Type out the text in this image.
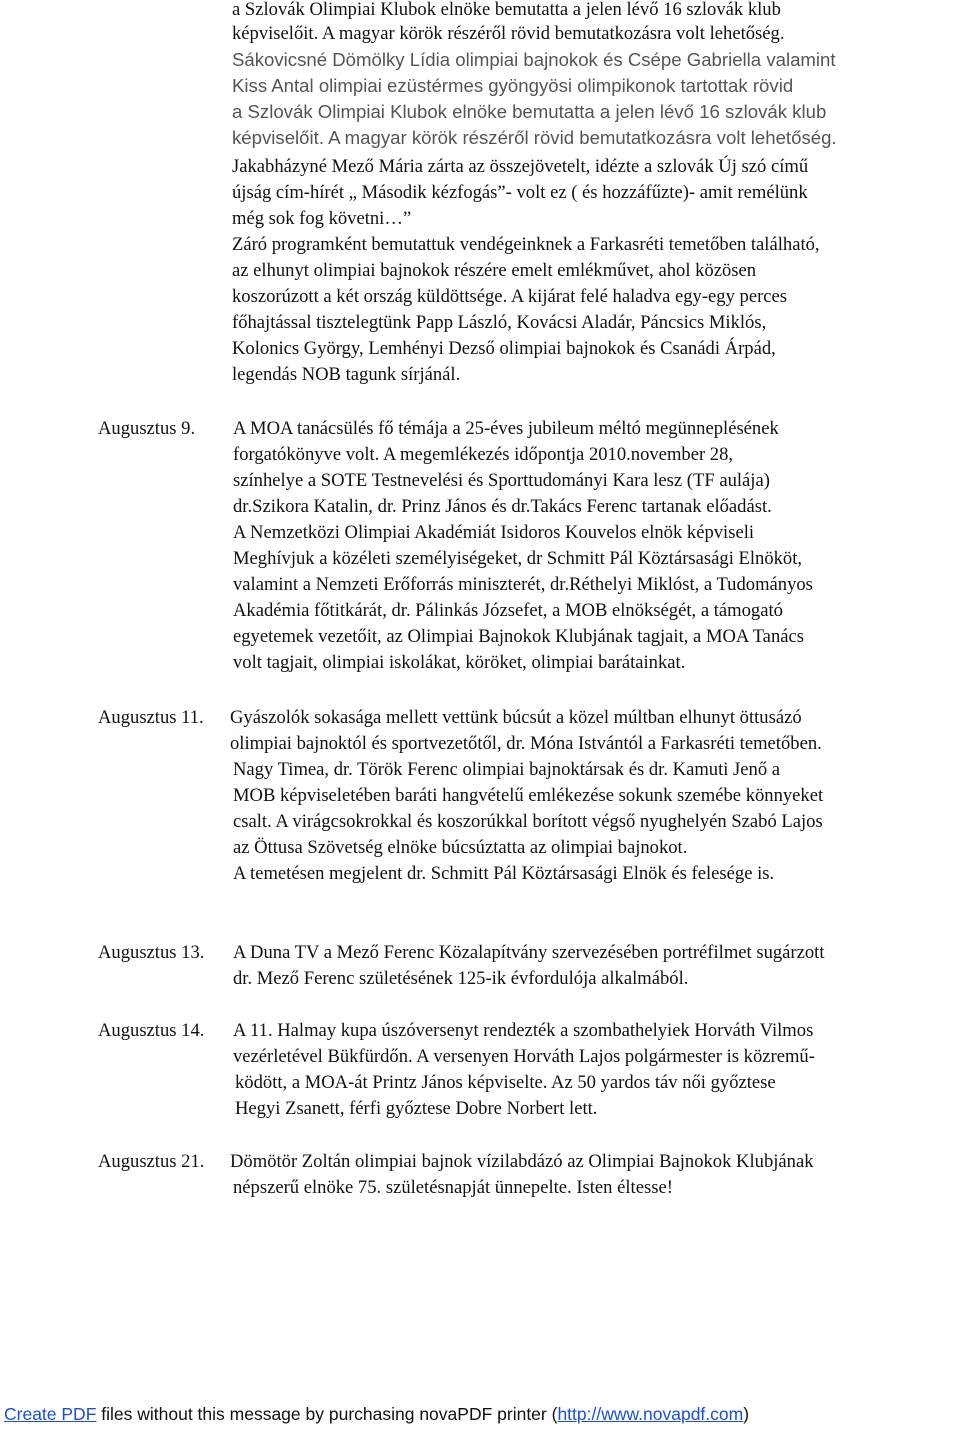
a Szlovák Olimpiai Klubok elnöke bemutatta a jelen lévő 16 szlovák klub
képviselőit. A magyar körök részéről rövid bemutatkozásra volt lehetőség.
Sákovicsné Dömölky Lídia olimpiai bajnokok és Csépe Gabriella valamint
Kiss Antal olimpiai ezüstérmes gyöngyösi olimpikonok tartottak rövid
a Szlovák Olimpiai Klubok elnöke bemutatta a jelen lévő 16 szlovák klub
képviselőit. A magyar körök részéről rövid bemutatkozásra volt lehetőség.
Jakabházyné Mező Mária zárta az összejövetelt, idézte a szlovák Új szó című
újság cím-hírét „ Második kézfogás”- volt ez ( és hozzáfűzte)- amit remélünk
még sok fog követni…”
Záró programként bemutattuk vendégeinknek a Farkasréti temetőben található,
az elhunyt olimpiai bajnokok részére emelt emlékművet, ahol közösen
koszorúzott a két ország küldöttsége. A kijárat felé haladva egy-egy perces
főhajtással tisztelegtünk Papp László, Kovácsi Aladár, Páncsics Miklós,
Kolonics György, Lemhényi Dezső olimpiai bajnokok és Csanádi Árpád,
legendás NOB tagunk sírjánál.
Augusztus 9. A MOA tanácsülés fő témája a 25-éves jubileum méltó megünneplésének
forgatókönyve volt. A megemlékezés időpontja 2010.november 28,
színhelye a SOTE Testnevelési és Sporttudományi Kara lesz (TF aulája)
dr.Szikora Katalin, dr. Prinz János és dr.Takács Ferenc tartanak előadást.
A Nemzetközi Olimpiai Akadémiát Isidoros Kouvelos elnök képviseli
Meghívjuk a közéleti személyiségeket, dr Schmitt Pál Köztársasági Elnököt,
valamint a Nemzeti Erőforrás miniszterét, dr.Réthelyi Miklóst, a Tudományos
Akadémia főtitkárát, dr. Pálinkás Józsefet, a MOB elnökségét, a támogató
egyetemek vezetőit, az Olimpiai Bajnokok Klubjának tagjait, a MOA Tanács
volt tagjait, olimpiai iskolákat, köröket, olimpiai barátainkat.
Augusztus 11. Gyászolók sokasága mellett vettünk búcsút a közel múltban elhunyt öttusázó
olimpiai bajnoktól és sportvezetőtől, dr. Móna Istvántól a Farkasréti temetőben.
Nagy Timea, dr. Török Ferenc olimpiai bajnoktársak és dr. Kamuti Jenő a
MOB képviseletében baráti hangvételű emlékezése sokunk szemébe könnyeket
csalt. A virágcsokrokkal és koszorúkkal borított végső nyughelyén Szabó Lajos
az Öttusa Szövetség elnöke búcsúztatta az olimpiai bajnokot.
A temetésen megjelent dr. Schmitt Pál Köztársasági Elnök és felesége is.
Augusztus 13. A Duna TV a Mező Ferenc Közalapítvány szervezésében portréfilmet sugárzott
dr. Mező Ferenc születésének 125-ik évfordulója alkalmából.
Augusztus 14. A 11. Halmay kupa úszóversenyt rendezték a szombathelyiek Horváth Vilmos
vezérletével Bükfürdőn. A versenyen Horváth Lajos polgármester is közremű-
ködött, a MOA-át Printz János képviselte. Az 50 yardos táv női győztese
Hegyi Zsanett, férfi győztese Dobre Norbert lett.
Augusztus 21. Dömötör Zoltán olimpiai bajnok vízilabdázó az Olimpiai Bajnokok Klubjának
népszerű elnöke 75. születésnapját ünnepelte. Isten éltesse!
Create PDF files without this message by purchasing novaPDF printer (http://www.novapdf.com)
